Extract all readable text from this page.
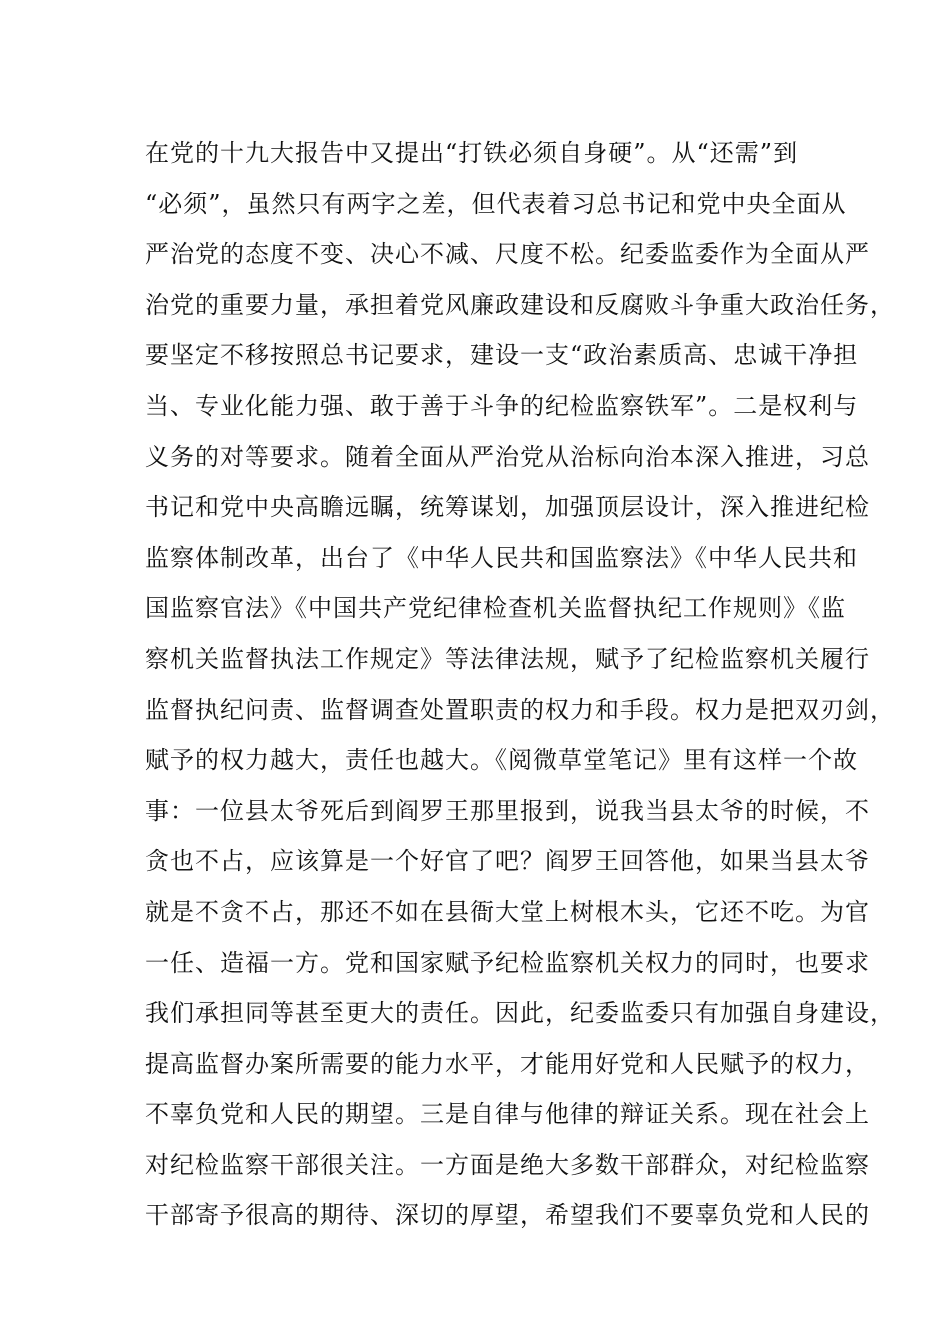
在党的十九大报告中又提出“打铁必须自身硬”。从“还需”到
“必须”，虽然只有两字之差，但代表着习总书记和党中央全面从
严治党的态度不变、决心不减、尺度不松。纪委监委作为全面从严
治党的重要力量，承担着党风廉政建设和反腐败斗争重大政治任务，
要坚定不移按照总书记要求，建设一支“政治素质高、忠诚干净担
当、专业化能力强、敢于善于斗争的纪检监察铁军”。二是权利与
义务的对等要求。随着全面从严治党从治标向治本深入推进，习总
书记和党中央高瞻远瞩，统筹谋划，加强顶层设计，深入推进纪检
监察体制改革，出台了《中华人民共和国监察法》《中华人民共和
国监察官法》《中国共产党纪律检查机关监督执纪工作规则》《监
察机关监督执法工作规定》等法律法规，赋予了纪检监察机关履行
监督执纪问责、监督调查处置职责的权力和手段。权力是把双刃剑，
赋予的权力越大，责任也越大。《阅微草堂笔记》里有这样一个故
事：一位县太爷死后到阎罗王那里报到，说我当县太爷的时候，不
贪也不占，应该算是一个好官了吧？阎罗王回答他，如果当县太爷
就是不贪不占，那还不如在县衙大堂上树根木头，它还不吃。为官
一任、造福一方。党和国家赋予纪检监察机关权力的同时，也要求
我们承担同等甚至更大的责任。因此，纪委监委只有加强自身建设，
提高监督办案所需要的能力水平，才能用好党和人民赋予的权力，
不辜负党和人民的期望。三是自律与他律的辩证关系。现在社会上
对纪检监察干部很关注。一方面是绝大多数干部群众，对纪检监察
干部寄予很高的期待、深切的厚望，希望我们不要辜负党和人民的
